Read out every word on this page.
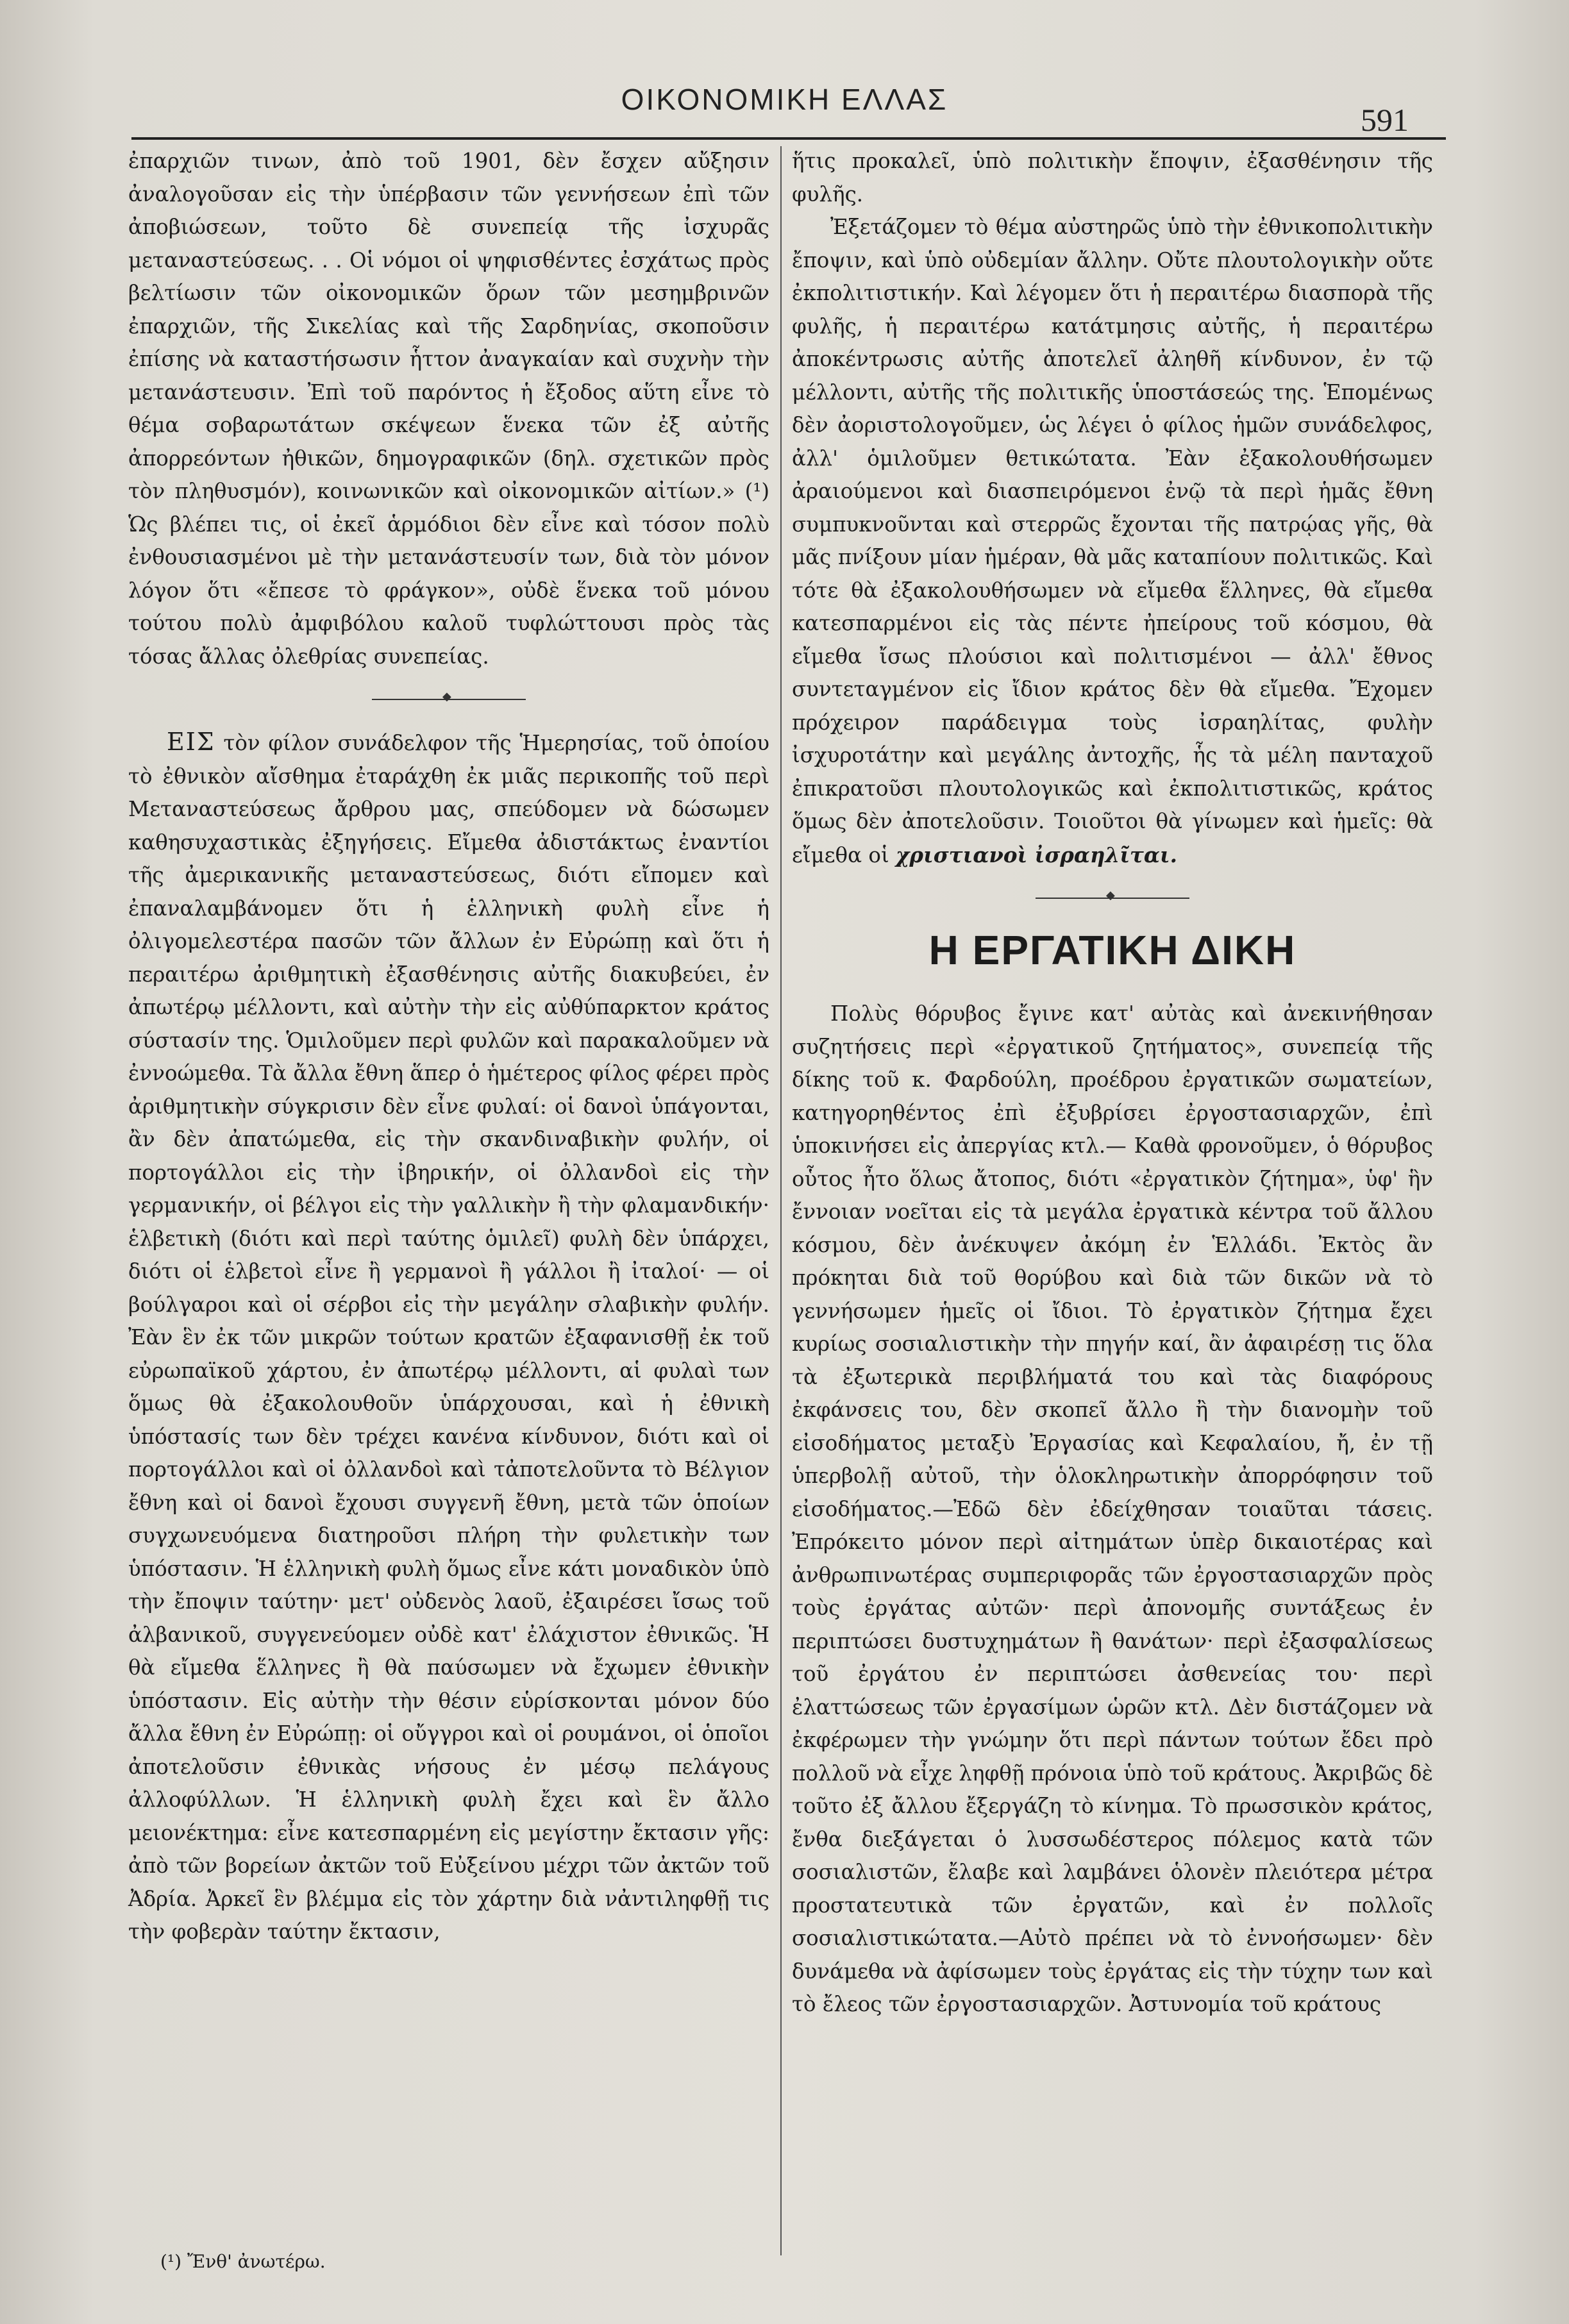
ΟΙΚΟΝΟΜΙΚΗ ΕΛΛΑΣ
591

ἐπαρχιῶν τινων, ἀπὸ τοῦ 1901, δὲν ἔσχεν αὔξησιν ἀναλογοῦσαν εἰς τὴν ὑπέρβασιν τῶν γεννήσεων ἐπὶ τῶν ἀποβιώσεων, τοῦτο δὲ συνεπείᾳ τῆς ἰσχυρᾶς μεταναστεύσεως. . . Οἱ νόμοι οἱ ψηφισθέντες ἐσχάτως πρὸς βελτίωσιν τῶν οἰκονομικῶν ὅρων τῶν μεσημβρινῶν ἐπαρχιῶν, τῆς Σικελίας καὶ τῆς Σαρδηνίας, σκοποῦσιν ἐπίσης νὰ καταστήσωσιν ἧττον ἀναγκαίαν καὶ συχνὴν τὴν μετανάστευσιν. Ἐπὶ τοῦ παρόντος ἡ ἔξοδος αὕτη εἶνε τὸ θέμα σοβαρωτάτων σκέψεων ἕνεκα τῶν ἐξ αὐτῆς ἀπορρεόντων ἠθικῶν, δημογραφικῶν (δηλ. σχετικῶν πρὸς τὸν πληθυσμόν), κοινωνικῶν καὶ οἰκονομικῶν αἰτίων.» (¹) Ὡς βλέπει τις, οἱ ἐκεῖ ἁρμόδιοι δὲν εἶνε καὶ τόσον πολὺ ἐνθουσιασμένοι μὲ τὴν μετανάστευσίν των, διὰ τὸν μόνον λόγον ὅτι «ἔπεσε τὸ φράγκον», οὐδὲ ἕνεκα τοῦ μόνου τούτου πολὺ ἀμφιβόλου καλοῦ τυφλώττουσι πρὸς τὰς τόσας ἄλλας ὀλεθρίας συνεπείας.

◆

ΕΙΣ τὸν φίλον συνάδελφον τῆς Ἡμερησίας, τοῦ ὁποίου τὸ ἐθνικὸν αἴσθημα ἐταράχθη ἐκ μιᾶς περικοπῆς τοῦ περὶ Μεταναστεύσεως ἄρθρου μας, σπεύδομεν νὰ δώσωμεν καθησυχαστικὰς ἐξηγήσεις. Εἴμεθα ἀδιστάκτως ἐναντίοι τῆς ἀμερικανικῆς μεταναστεύσεως, διότι εἴπομεν καὶ ἐπαναλαμβάνομεν ὅτι ἡ ἑλληνικὴ φυλὴ εἶνε ἡ ὀλιγομελεστέρα πασῶν τῶν ἄλλων ἐν Εὐρώπῃ καὶ ὅτι ἡ περαιτέρω ἀριθμητικὴ ἐξασθένησις αὐτῆς διακυβεύει, ἐν ἀπωτέρῳ μέλλοντι, καὶ αὐτὴν τὴν εἰς αὐθύπαρκτον κράτος σύστασίν της. Ὁμιλοῦμεν περὶ φυλῶν καὶ παρακαλοῦμεν νὰ ἐννοώμεθα. Τὰ ἄλλα ἔθνη ἅπερ ὁ ἡμέτερος φίλος φέρει πρὸς ἀριθμητικὴν σύγκρισιν δὲν εἶνε φυλαί: οἱ δανοὶ ὑπάγονται, ἂν δὲν ἀπατώμεθα, εἰς τὴν σκανδιναβικὴν φυλήν, οἱ πορτογάλλοι εἰς τὴν ἰβηρικήν, οἱ ὀλλανδοὶ εἰς τὴν γερμανικήν, οἱ βέλγοι εἰς τὴν γαλλικὴν ἢ τὴν φλαμανδικήν· ἑλβετικὴ (διότι καὶ περὶ ταύτης ὁμιλεῖ) φυλὴ δὲν ὑπάρχει, διότι οἱ ἑλβετοὶ εἶνε ἢ γερμανοὶ ἢ γάλλοι ἢ ἰταλοί· — οἱ βούλγαροι καὶ οἱ σέρβοι εἰς τὴν μεγάλην σλαβικὴν φυλήν. Ἐὰν ἓν ἐκ τῶν μικρῶν τούτων κρατῶν ἐξαφανισθῇ ἐκ τοῦ εὐρωπαϊκοῦ χάρτου, ἐν ἀπωτέρῳ μέλλοντι, αἱ φυλαὶ των ὅμως θὰ ἐξακολουθοῦν ὑπάρχουσαι, καὶ ἡ ἐθνικὴ ὑπόστασίς των δὲν τρέχει κανένα κίνδυνον, διότι καὶ οἱ πορτογάλλοι καὶ οἱ ὀλλανδοὶ καὶ τἀποτελοῦντα τὸ Βέλγιον ἔθνη καὶ οἱ δανοὶ ἔχουσι συγγενῆ ἔθνη, μετὰ τῶν ὁποίων συγχωνευόμενα διατηροῦσι πλήρη τὴν φυλετικὴν των ὑπόστασιν. Ἡ ἑλληνικὴ φυλὴ ὅμως εἶνε κάτι μοναδικὸν ὑπὸ τὴν ἔποψιν ταύτην· μετ' οὐδενὸς λαοῦ, ἐξαιρέσει ἴσως τοῦ ἀλβανικοῦ, συγγενεύομεν οὐδὲ κατ' ἐλάχιστον ἐθνικῶς. Ἡ θὰ εἴμεθα ἕλληνες ἢ θὰ παύσωμεν νὰ ἔχωμεν ἐθνικὴν ὑπόστασιν. Εἰς αὐτὴν τὴν θέσιν εὑρίσκονται μόνον δύο ἄλλα ἔθνη ἐν Εὐρώπῃ: οἱ οὔγγροι καὶ οἱ ρουμάνοι, οἱ ὁποῖοι ἀποτελοῦσιν ἐθνικὰς νήσους ἐν μέσῳ πελάγους ἀλλοφύλλων. Ἡ ἑλληνικὴ φυλὴ ἔχει καὶ ἓν ἄλλο μειονέκτημα: εἶνε κατεσπαρμένη εἰς μεγίστην ἔκτασιν γῆς: ἀπὸ τῶν βορείων ἀκτῶν τοῦ Εὐξείνου μέχρι τῶν ἀκτῶν τοῦ Ἀδρία. Ἀρκεῖ ἓν βλέμμα εἰς τὸν χάρτην διὰ νἀντιληφθῇ τις τὴν φοβερὰν ταύτην ἔκτασιν,

ἥτις προκαλεῖ, ὑπὸ πολιτικὴν ἔποψιν, ἐξασθένησιν τῆς φυλῆς.

Ἐξετάζομεν τὸ θέμα αὐστηρῶς ὑπὸ τὴν ἐθνικοπολιτικὴν ἔποψιν, καὶ ὑπὸ οὐδεμίαν ἄλλην. Οὔτε πλουτολογικὴν οὔτε ἐκπολιτιστικήν. Καὶ λέγομεν ὅτι ἡ περαιτέρω διασπορὰ τῆς φυλῆς, ἡ περαιτέρω κατάτμησις αὐτῆς, ἡ περαιτέρω ἀποκέντρωσις αὐτῆς ἀποτελεῖ ἀληθῆ κίνδυνον, ἐν τῷ μέλλοντι, αὐτῆς τῆς πολιτικῆς ὑποστάσεώς της. Ἑπομένως δὲν ἀοριστολογοῦμεν, ὡς λέγει ὁ φίλος ἡμῶν συνάδελφος, ἀλλ' ὁμιλοῦμεν θετικώτατα. Ἐὰν ἐξακολουθήσωμεν ἀραιούμενοι καὶ διασπειρόμενοι ἐνῷ τὰ περὶ ἡμᾶς ἔθνη συμπυκνοῦνται καὶ στερρῶς ἔχονται τῆς πατρῴας γῆς, θὰ μᾶς πνίξουν μίαν ἡμέραν, θὰ μᾶς καταπίουν πολιτικῶς. Καὶ τότε θὰ ἐξακολουθήσωμεν νὰ εἴμεθα ἕλληνες, θὰ εἴμεθα κατεσπαρμένοι εἰς τὰς πέντε ἠπείρους τοῦ κόσμου, θὰ εἴμεθα ἴσως πλούσιοι καὶ πολιτισμένοι — ἀλλ' ἔθνος συντεταγμένον εἰς ἴδιον κράτος δὲν θὰ εἴμεθα. Ἔχομεν πρόχειρον παράδειγμα τοὺς ἰσραηλίτας, φυλὴν ἰσχυροτάτην καὶ μεγάλης ἀντοχῆς, ἧς τὰ μέλη πανταχοῦ ἐπικρατοῦσι πλουτολογικῶς καὶ ἐκπολιτιστικῶς, κράτος ὅμως δὲν ἀποτελοῦσιν. Τοιοῦτοι θὰ γίνωμεν καὶ ἡμεῖς: θὰ εἴμεθα οἱ χριστιανοὶ ἰσραηλῖται.

◆
Η ΕΡΓΑΤΙΚΗ ΔΙΚΗ

Πολὺς θόρυβος ἔγινε κατ' αὐτὰς καὶ ἀνεκινήθησαν συζητήσεις περὶ «ἐργατικοῦ ζητήματος», συνεπείᾳ τῆς δίκης τοῦ κ. Φαρδούλη, προέδρου ἐργατικῶν σωματείων, κατηγορηθέντος ἐπὶ ἐξυβρίσει ἐργοστασιαρχῶν, ἐπὶ ὑποκινήσει εἰς ἀπεργίας κτλ.— Καθὰ φρονοῦμεν, ὁ θόρυβος οὗτος ἦτο ὅλως ἄτοπος, διότι «ἐργατικὸν ζήτημα», ὑφ' ἣν ἔννοιαν νοεῖται εἰς τὰ μεγάλα ἐργατικὰ κέντρα τοῦ ἄλλου κόσμου, δὲν ἀνέκυψεν ἀκόμη ἐν Ἑλλάδι. Ἐκτὸς ἂν πρόκηται διὰ τοῦ θορύβου καὶ διὰ τῶν δικῶν νὰ τὸ γεννήσωμεν ἡμεῖς οἱ ἴδιοι. Τὸ ἐργατικὸν ζήτημα ἔχει κυρίως σοσιαλιστικὴν τὴν πηγήν καί, ἂν ἀφαιρέσῃ τις ὅλα τὰ ἐξωτερικὰ περιβλήματά του καὶ τὰς διαφόρους ἐκφάνσεις του, δὲν σκοπεῖ ἄλλο ἢ τὴν διανομὴν τοῦ εἰσοδήματος μεταξὺ Ἐργασίας καὶ Κεφαλαίου, ἤ, ἐν τῇ ὑπερβολῇ αὐτοῦ, τὴν ὁλοκληρωτικὴν ἀπορρόφησιν τοῦ εἰσοδήματος.—Ἐδῶ δὲν ἐδείχθησαν τοιαῦται τάσεις. Ἐπρόκειτο μόνον περὶ αἰτημάτων ὑπὲρ δικαιοτέρας καὶ ἀνθρωπινωτέρας συμπεριφορᾶς τῶν ἐργοστασιαρχῶν πρὸς τοὺς ἐργάτας αὐτῶν· περὶ ἀπονομῆς συντάξεως ἐν περιπτώσει δυστυχημάτων ἢ θανάτων· περὶ ἐξασφαλίσεως τοῦ ἐργάτου ἐν περιπτώσει ἀσθενείας του· περὶ ἐλαττώσεως τῶν ἐργασίμων ὡρῶν κτλ. Δὲν διστάζομεν νὰ ἐκφέρωμεν τὴν γνώμην ὅτι περὶ πάντων τούτων ἔδει πρὸ πολλοῦ νὰ εἶχε ληφθῇ πρόνοια ὑπὸ τοῦ κράτους. Ἀκριβῶς δὲ τοῦτο ἐξ ἄλλου ἔξεργάζη τὸ κίνημα. Τὸ πρωσσικὸν κράτος, ἔνθα διεξάγεται ὁ λυσσωδέστερος πόλεμος κατὰ τῶν σοσιαλιστῶν, ἔλαβε καὶ λαμβάνει ὁλονὲν πλειότερα μέτρα προστατευτικὰ τῶν ἐργατῶν, καὶ ἐν πολλοῖς σοσιαλιστικώτατα.—Αὐτὸ πρέπει νὰ τὸ ἐννοήσωμεν· δὲν δυνάμεθα νὰ ἀφίσωμεν τοὺς ἐργάτας εἰς τὴν τύχην των καὶ τὸ ἔλεος τῶν ἐργοστασιαρχῶν. Ἀστυνομία τοῦ κράτους

(¹) Ἔνθ' ἀνωτέρω.
